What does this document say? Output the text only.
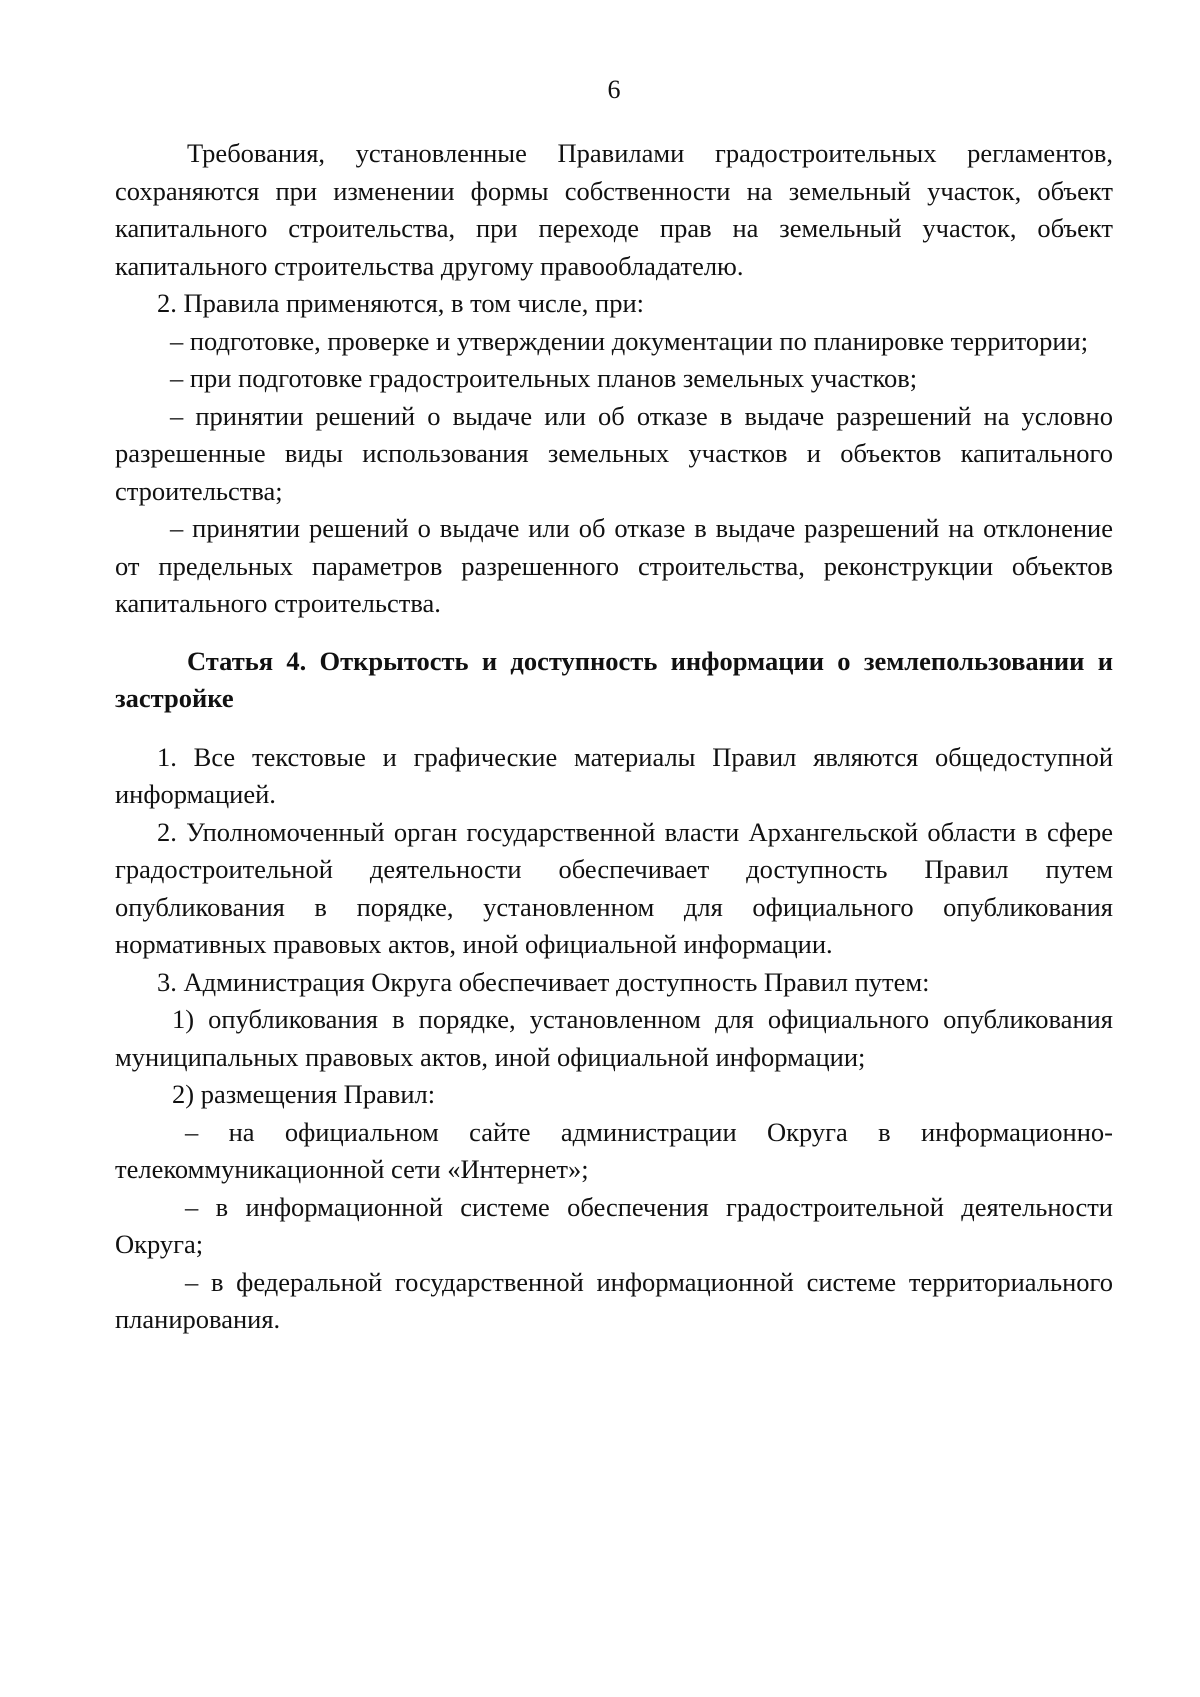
6

Требования, установленные Правилами градостроительных регламентов, сохраняются при изменении формы собственности на земельный участок, объект капитального строительства, при переходе прав на земельный участок, объект капитального строительства другому правообладателю.

2. Правила применяются, в том числе, при:

– подготовке, проверке и утверждении документации по планировке территории;

– при подготовке градостроительных планов земельных участков;

– принятии решений о выдаче или об отказе в выдаче разрешений на условно разрешенные виды использования земельных участков и объектов капитального строительства;

– принятии решений о выдаче или об отказе в выдаче разрешений на отклонение от предельных параметров разрешенного строительства, реконструкции объектов капитального строительства.

Статья 4. Открытость и доступность информации о землепользовании и застройке

1. Все текстовые и графические материалы Правил являются общедоступной информацией.

2. Уполномоченный орган государственной власти Архангельской области в сфере градостроительной деятельности обеспечивает доступность Правил путем опубликования в порядке, установленном для официального опубликования нормативных правовых актов, иной официальной информации.

3. Администрация Округа обеспечивает доступность Правил путем:

1) опубликования в порядке, установленном для официального опубликования муниципальных правовых актов, иной официальной информации;

2) размещения Правил:

– на официальном сайте администрации Округа в информационно-телекоммуникационной сети «Интернет»;

– в информационной системе обеспечения градостроительной деятельности Округа;

– в федеральной государственной информационной системе территориального планирования.
